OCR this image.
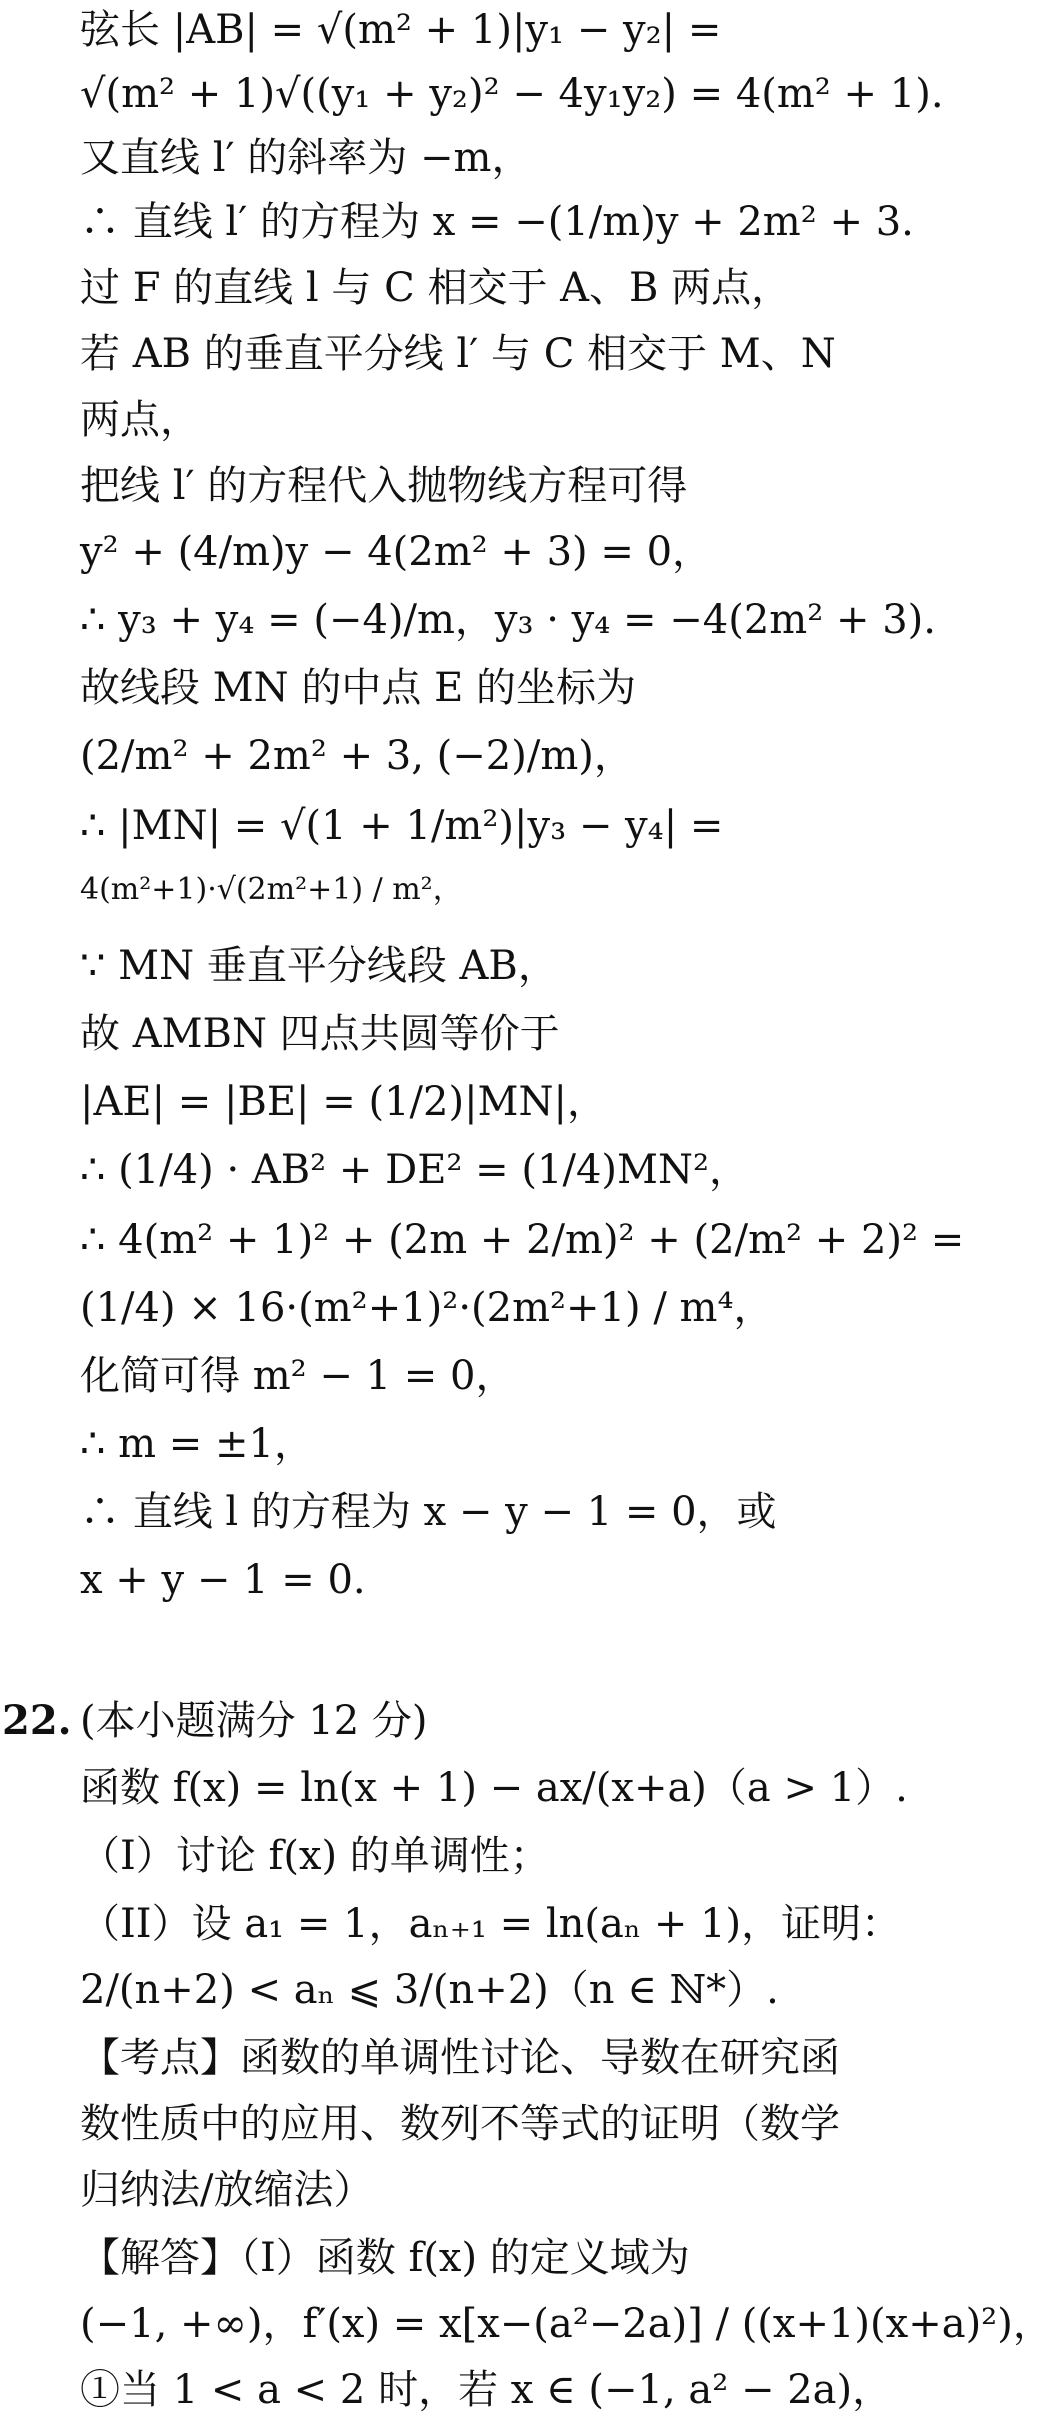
弦长 |AB| = √(m² + 1)|y₁ − y₂| =
√(m² + 1)√((y₁ + y₂)² − 4y₁y₂) = 4(m² + 1).
又直线 l′ 的斜率为 −m，
∴ 直线 l′ 的方程为 x = −(1/m)y + 2m² + 3.
过 F 的直线 l 与 C 相交于 A、B 两点，
若 AB 的垂直平分线 l′ 与 C 相交于 M、N
两点，
把线 l′ 的方程代入抛物线方程可得
y² + (4/m)y − 4(2m² + 3) = 0，
∴ y₃ + y₄ = (−4)/m，y₃ · y₄ = −4(2m² + 3).
故线段 MN 的中点 E 的坐标为
(2/m² + 2m² + 3, (−2)/m)，
∴ |MN| = √(1 + 1/m²)|y₃ − y₄| =
4(m²+1)·√(2m²+1) / m²，
∵ MN 垂直平分线段 AB，
故 AMBN 四点共圆等价于
|AE| = |BE| = (1/2)|MN|，
∴ (1/4) · AB² + DE² = (1/4)MN²，
∴ 4(m² + 1)² + (2m + 2/m)² + (2/m² + 2)² =
(1/4) × 16·(m²+1)²·(2m²+1) / m⁴，
化简可得 m² − 1 = 0，
∴ m = ±1，
∴ 直线 l 的方程为 x − y − 1 = 0，或
x + y − 1 = 0.
22. (本小题满分 12 分)
函数 f(x) = ln(x + 1) − ax/(x+a)（a > 1）.
（I）讨论 f(x) 的单调性；
（II）设 a₁ = 1，aₙ₊₁ = ln(aₙ + 1)，证明：
2/(n+2) < aₙ ⩽ 3/(n+2)（n ∈ ℕ*）.
【考点】函数的单调性讨论、导数在研究函
数性质中的应用、数列不等式的证明（数学
归纳法/放缩法）
【解答】（I）函数 f(x) 的定义域为
(−1, +∞)，f′(x) = x[x−(a²−2a)] / ((x+1)(x+a)²)，
①当 1 < a < 2 时，若 x ∈ (−1, a² − 2a)，
